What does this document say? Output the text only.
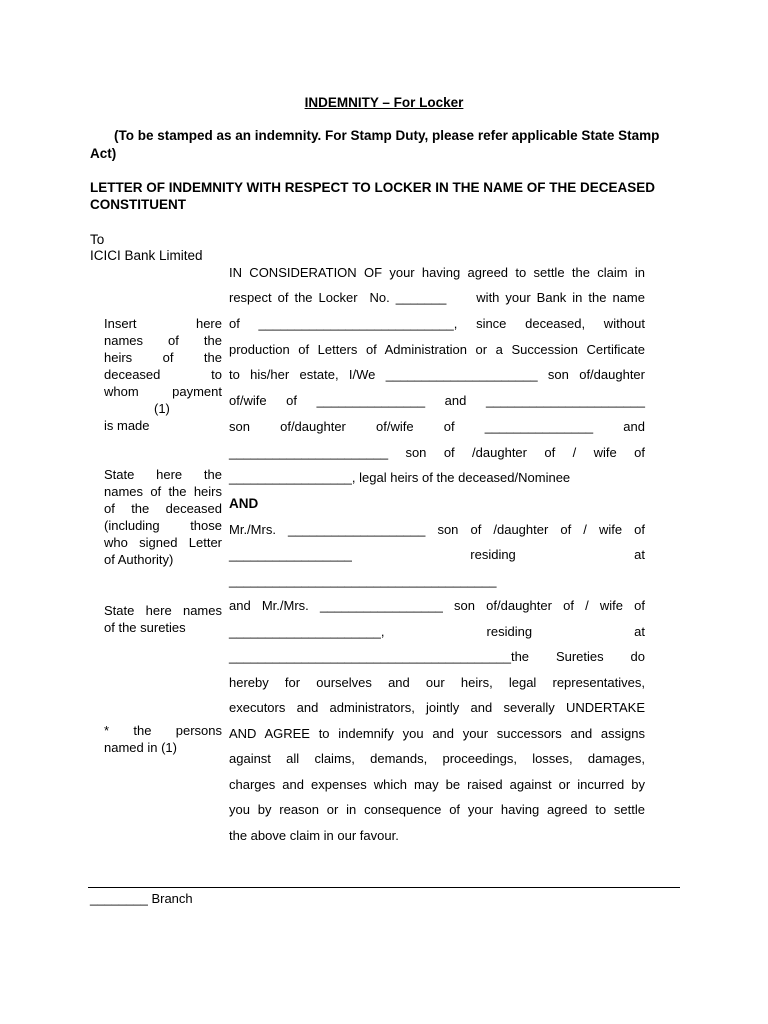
INDEMNITY – For Locker
(To be stamped as an indemnity. For Stamp Duty, please refer applicable State Stamp Act)
LETTER OF INDEMNITY WITH RESPECT TO LOCKER IN THE NAME OF THE DECEASED CONSTITUENT
To
ICICI Bank Limited
Insert here
names of the
heirs of the
deceased to
whom payment
(1)
is made
State here the
names of the heirs
of the deceased
(including those
who signed Letter
of Authority)
State here names
of the sureties
* the persons
named in (1)
IN CONSIDERATION OF your having agreed to settle the claim in
respect of the Locker  No. _______     with your Bank in the name
of ___________________________, since deceased, without
production of Letters of Administration or a Succession Certificate
to his/her estate, I/We _____________________ son of/daughter
of/wife of _______________ and ______________________
son of/daughter of/wife of _______________ and
______________________ son of /daughter of / wife of
_________________, legal heirs of the deceased/Nominee
AND
Mr./Mrs. ___________________ son of /daughter of / wife of
_________________ residing at
_____________________________________
and Mr./Mrs. _________________ son of/daughter of / wife of
_____________________, residing at
_______________________________________the Sureties do
hereby for ourselves and our heirs, legal representatives,
executors and administrators, jointly and severally UNDERTAKE
AND AGREE to indemnify you and your successors and assigns
against all claims, demands, proceedings, losses, damages,
charges and expenses which may be raised against or incurred by
you by reason or in consequence of your having agreed to settle
the above claim in our favour.
________ Branch
